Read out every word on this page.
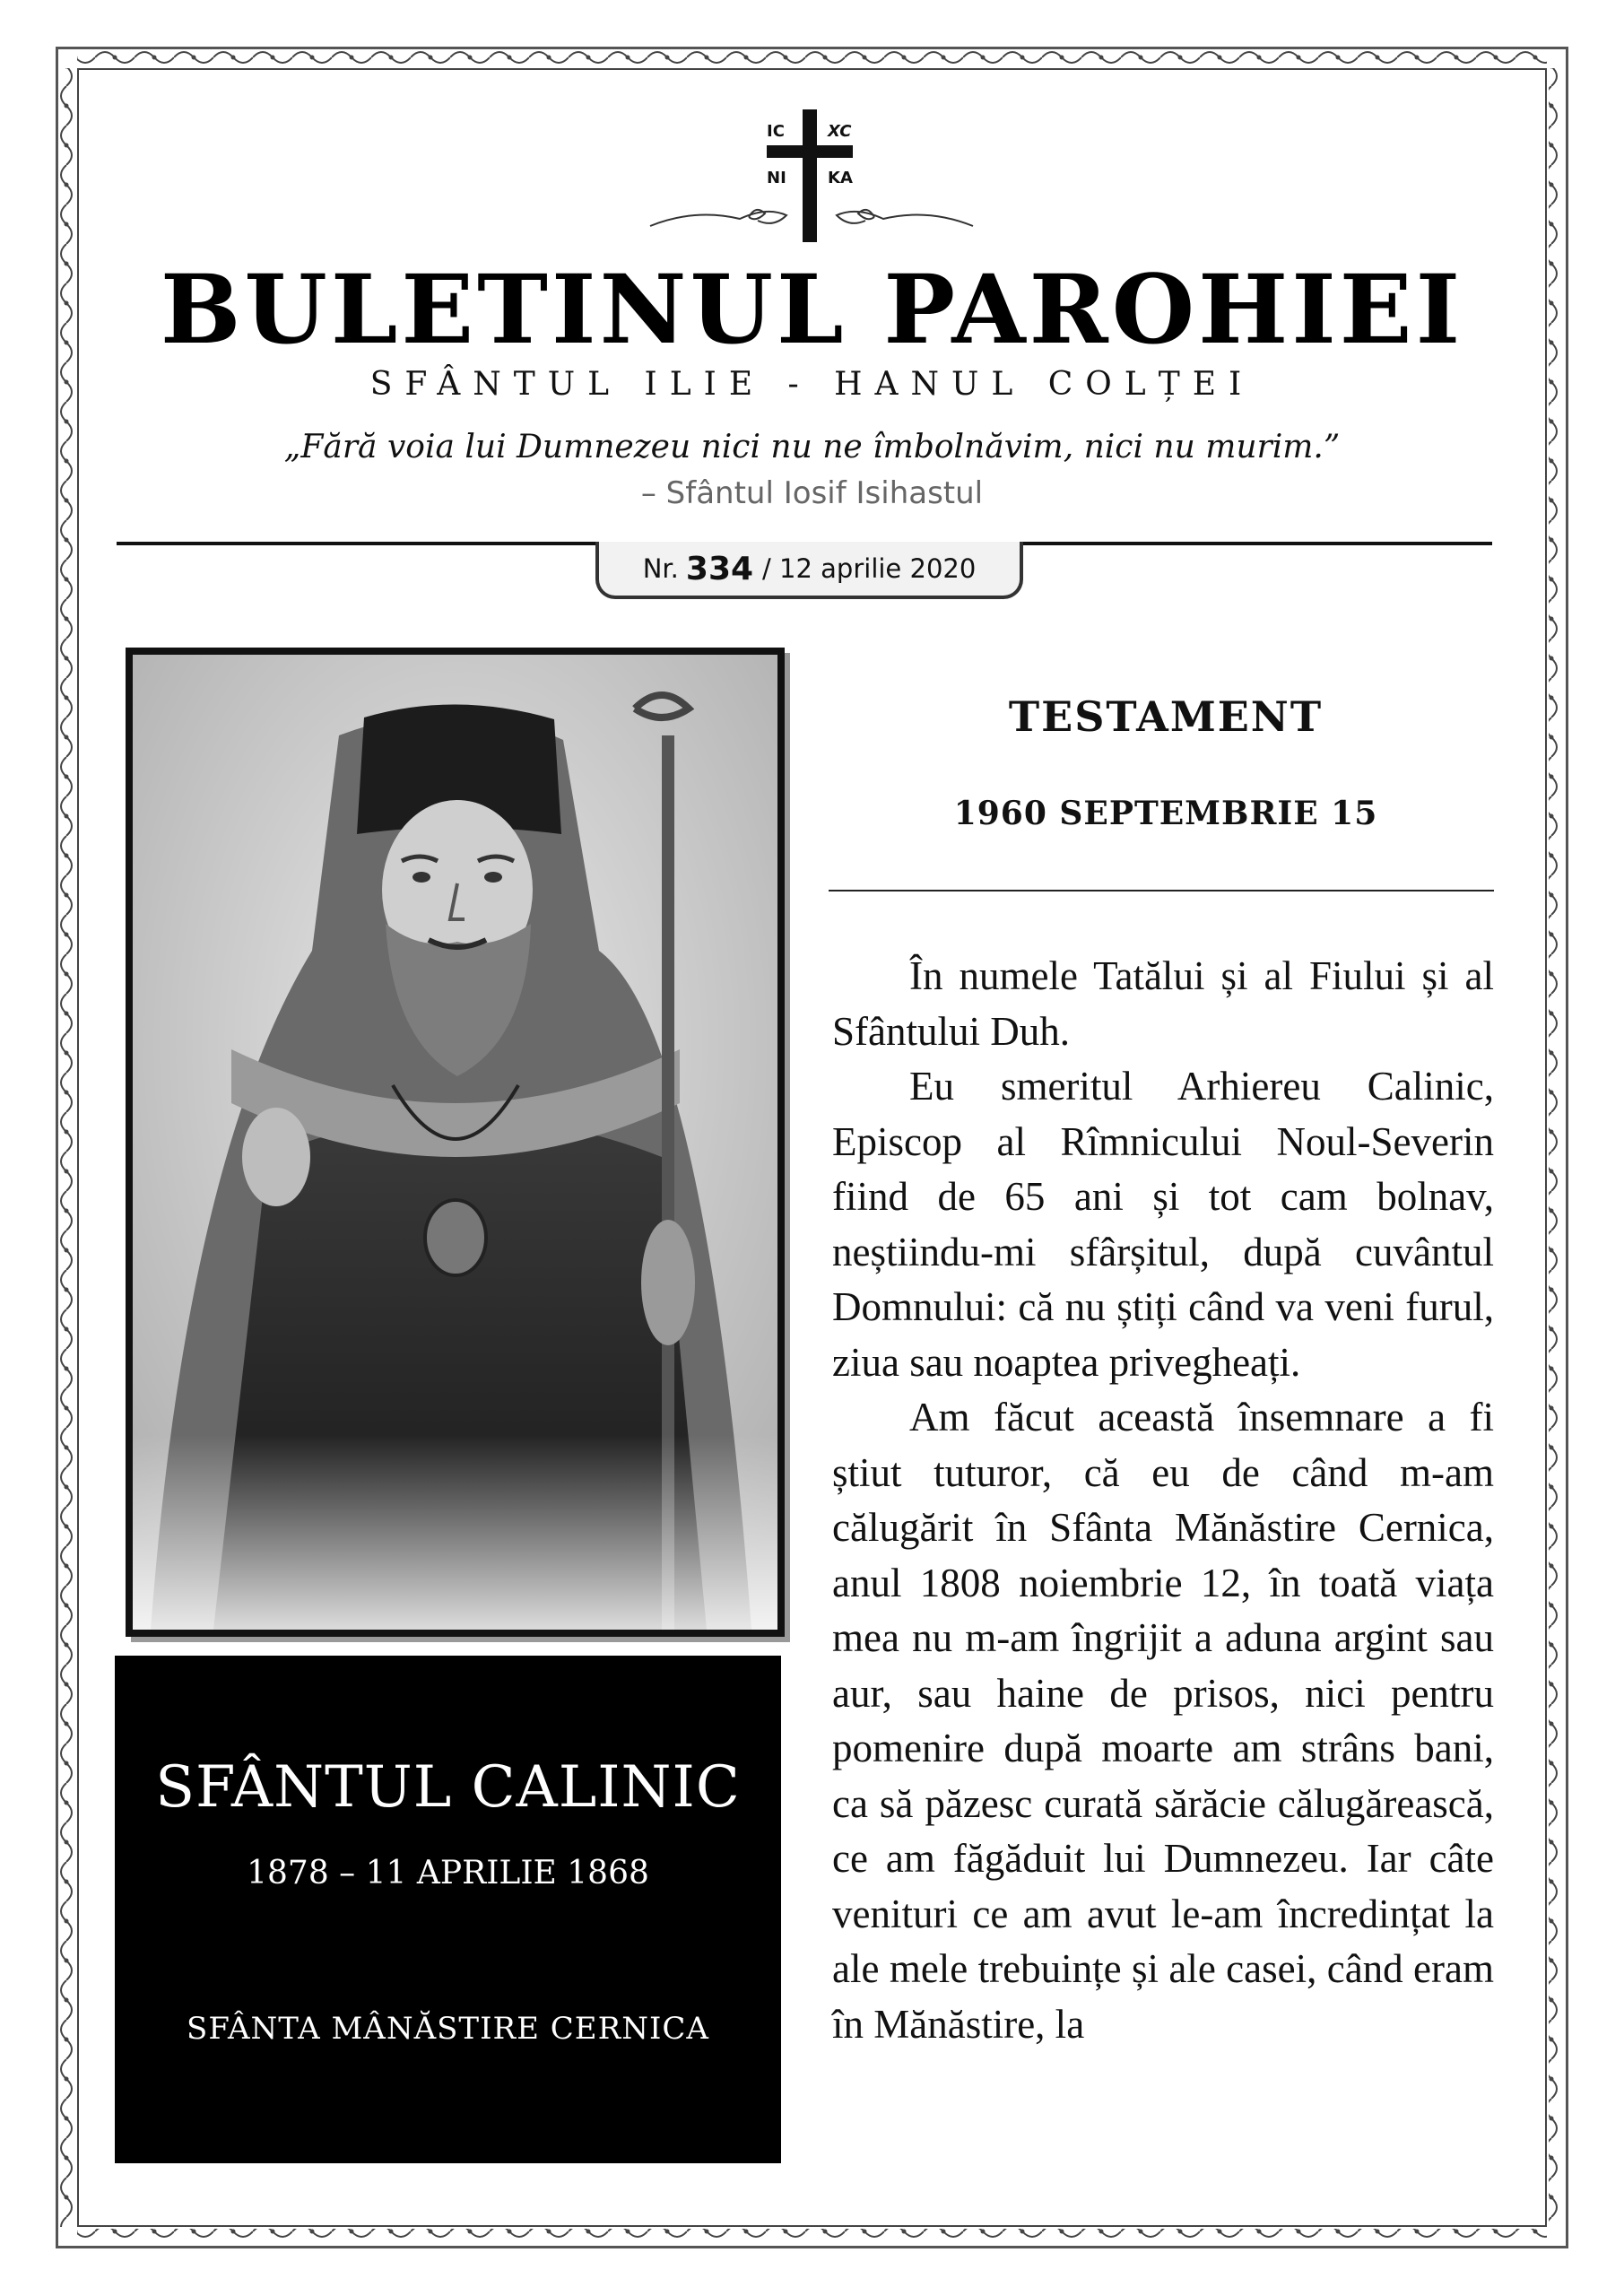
IC	XC
NI	KA
BULETINUL PAROHIEI
SFÂNTUL ILIE - HANUL COLȚEI
„Fără voia lui Dumnezeu nici nu ne îmbolnăvim, nici nu murim.”
– Sfântul Iosif Isihastul
Nr. 334 / 12 aprilie 2020
SFÂNTUL CALINIC
1878 – 11 APRILIE 1868
SFÂNTA MÂNĂSTIRE CERNICA
TESTAMENT
1960 SEPTEMBRIE 15

În numele Tatălui și al Fiului și al Sfântului Duh.

Eu smeritul Arhiereu Calinic, Episcop al Rîmnicului Noul-Severin fiind de 65 ani și tot cam bolnav, neștiindu-mi sfârșitul, după cuvântul Domnului: că nu știți când va veni furul, ziua sau noaptea privegheați.

Am făcut această însemnare a fi știut tuturor, că eu de când m-am călugărit în Sfânta Mănăstire Cernica, anul 1808 noiembrie 12, în toată viața mea nu m-am îngrijit a aduna argint sau aur, sau haine de prisos, nici pentru pomenire după moarte am strâns bani, ca să păzesc curată sărăcie călugărească, ce am făgăduit lui Dumnezeu. Iar câte venituri ce am avut le-am încredințat la ale mele trebuințe și ale casei, când eram în Mănăstire, la
